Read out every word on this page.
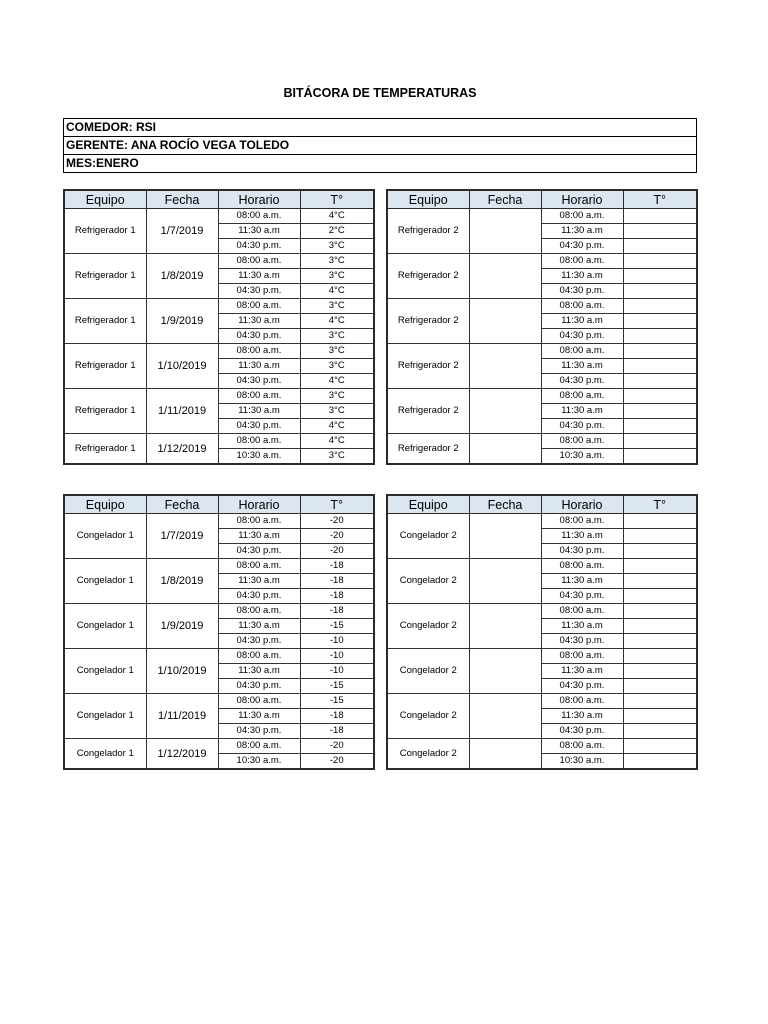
BITÁCORA DE TEMPERATURAS
COMEDOR: RSI
GERENTE: ANA ROCÍO VEGA TOLEDO
MES:ENERO
Equipo	Fecha	Horario	T°
Refrigerador 1	1/7/2019	08:00 a.m.	4°C
		11:30 a.m	2°C
		04:30 p.m.	3°C
Refrigerador 1	1/8/2019	08:00 a.m.	3°C
		11:30 a.m	3°C
		04:30 p.m.	4°C
Refrigerador 1	1/9/2019	08:00 a.m.	3°C
		11:30 a.m	4°C
		04:30 p.m.	3°C
Refrigerador 1	1/10/2019	08:00 a.m.	3°C
		11:30 a.m	3°C
		04:30 p.m.	4°C
Refrigerador 1	1/11/2019	08:00 a.m.	3°C
		11:30 a.m	3°C
		04:30 p.m.	4°C
Refrigerador 1	1/12/2019	08:00 a.m.	4°C
		10:30 a.m.	3°C
Equipo	Fecha	Horario	T°
Refrigerador 2		08:00 a.m.	
		11:30 a.m	
		04:30 p.m.	
Refrigerador 2		08:00 a.m.	
		11:30 a.m	
		04:30 p.m.	
Refrigerador 2		08:00 a.m.	
		11:30 a.m	
		04:30 p.m.	
Refrigerador 2		08:00 a.m.	
		11:30 a.m	
		04:30 p.m.	
Refrigerador 2		08:00 a.m.	
		11:30 a.m	
		04:30 p.m.	
Refrigerador 2		08:00 a.m.	
		10:30 a.m.	
Equipo	Fecha	Horario	T°
Congelador 1	1/7/2019	08:00 a.m.	-20
		11:30 a.m	-20
		04:30 p.m.	-20
Congelador 1	1/8/2019	08:00 a.m.	-18
		11:30 a.m	-18
		04:30 p.m.	-18
Congelador 1	1/9/2019	08:00 a.m.	-18
		11:30 a.m	-15
		04:30 p.m.	-10
Congelador 1	1/10/2019	08:00 a.m.	-10
		11:30 a.m	-10
		04:30 p.m.	-15
Congelador 1	1/11/2019	08:00 a.m.	-15
		11:30 a.m	-18
		04:30 p.m.	-18
Congelador 1	1/12/2019	08:00 a.m.	-20
		10:30 a.m.	-20
Equipo	Fecha	Horario	T°
Congelador 2		08:00 a.m.	
		11:30 a.m	
		04:30 p.m.	
Congelador 2		08:00 a.m.	
		11:30 a.m	
		04:30 p.m.	
Congelador 2		08:00 a.m.	
		11:30 a.m	
		04:30 p.m.	
Congelador 2		08:00 a.m.	
		11:30 a.m	
		04:30 p.m.	
Congelador 2		08:00 a.m.	
		11:30 a.m	
		04:30 p.m.	
Congelador 2		08:00 a.m.	
		10:30 a.m.	
